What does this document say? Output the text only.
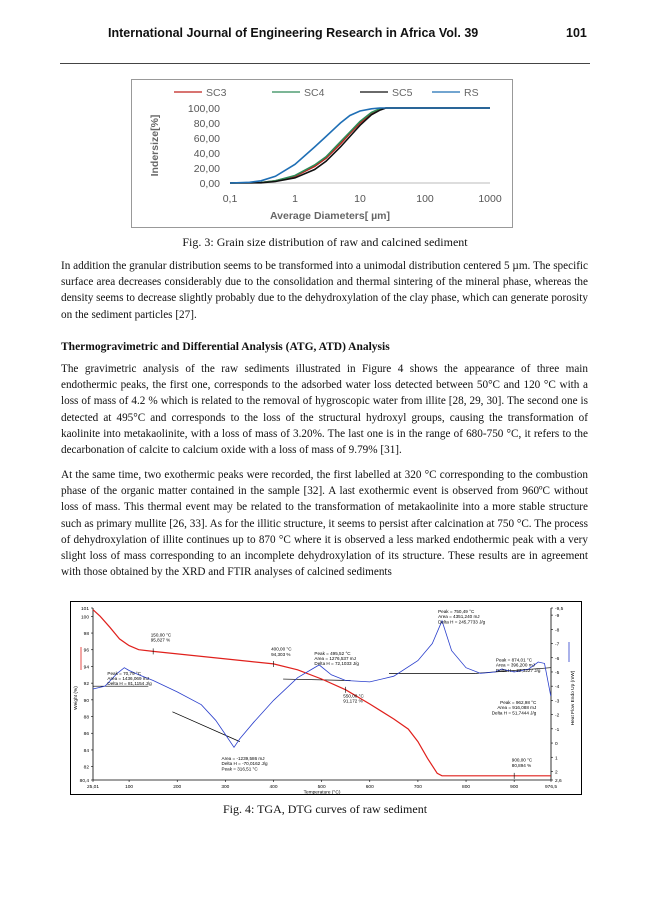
International Journal of Engineering Research in Africa Vol. 39	101
SC3	SC4	SC5	RS
0,00
20,00
40,00
60,00
80,00
100,00
0,1	1	10	100	1000
Average Diameters[ µm]
Indersize[%]
Fig. 3: Grain size distribution of raw and calcined sediment

In addition the granular distribution seems to be transformed into a unimodal distribution centered 5 µm. The specific surface area decreases considerably due to the consolidation and thermal sintering of the mineral phase, whereas the density seems to decrease slightly probably due to the dehydroxylation of the clay phase, which can generate porosity on the sediment particles [27].

Thermogravimetric and Differential Analysis (ATG, ATD) Analysis

The gravimetric analysis of the raw sediments illustrated in Figure 4 shows the appearance of three main endothermic peaks, the first one, corresponds to the adsorbed water loss detected between 50°C and 120 °C with a loss of mass of 4.2 % which is related to the removal of hygroscopic water from illite [28, 29, 30]. The second one is detected at 495°C and corresponds to the loss of the structural hydroxyl groups, causing the transformation of kaolinite into metakaolinite, with a loss of mass of 3.20%. The last one is in the range of 680-750 °C, it refers to the decarbonation of calcite to calcium oxide with a loss of mass of 9.79% [31].

At the same time, two exothermic peaks were recorded, the first labelled at 320 °C corresponding to the combustion phase of the organic matter contained in the sample [32]. A last exothermic event is observed from 960ºC without loss of mass. This thermal event may be related to the transformation of metakaolinite into a more stable structure such as primary mullite [26, 33]. As for the illitic structure, it seems to persist after calcination at 750 °C. The process of dehydroxylation of illite continues up to 870 °C where it is observed a less marked endothermic peak with a very slight loss of mass corresponding to an incomplete dehydroxylation of its structure. These results are in agreement with those obtained by the XRD and FTIR analyses of calcined sediments

80,4
82
84
86
88
90
92
94
96
98
100
101
2,6
2
1
0
-1
-2
-3
-4
-5
-6
-7
-8
-9
-9,5
25,01	100	200	300	400	500	600	700	800	900	976,5
Temperature (°C)
Weight (%)	Heat Flow Endo Up (mW)
150,00 °C 95,827 %
400,00 °C 94,303 %
550,00 °C 91,172 %
900,00 °C 80,894 %
Peak = 70,79 °C Area = 1436,069 mJ Delta H = 81,1154 J/g
Peak = 495,52 °C Area = 1276,537 mJ Delta H = 72,1033 J/g
Peak = 750,49 °C Area = 4351,240 mJ Delta H = 245,7733 J/g
Peak = 874,01 °C Area = 396,200 mJ Delta H = 22,3227 J/g
Peak = 962,98 °C Area = 916,088 mJ Delta H = 51,7444 J/g
Area = -1239,586 mJ Delta H = -70,0162 J/g Peak = 316,51 °C
Fig. 4: TGA, DTG curves of raw sediment
